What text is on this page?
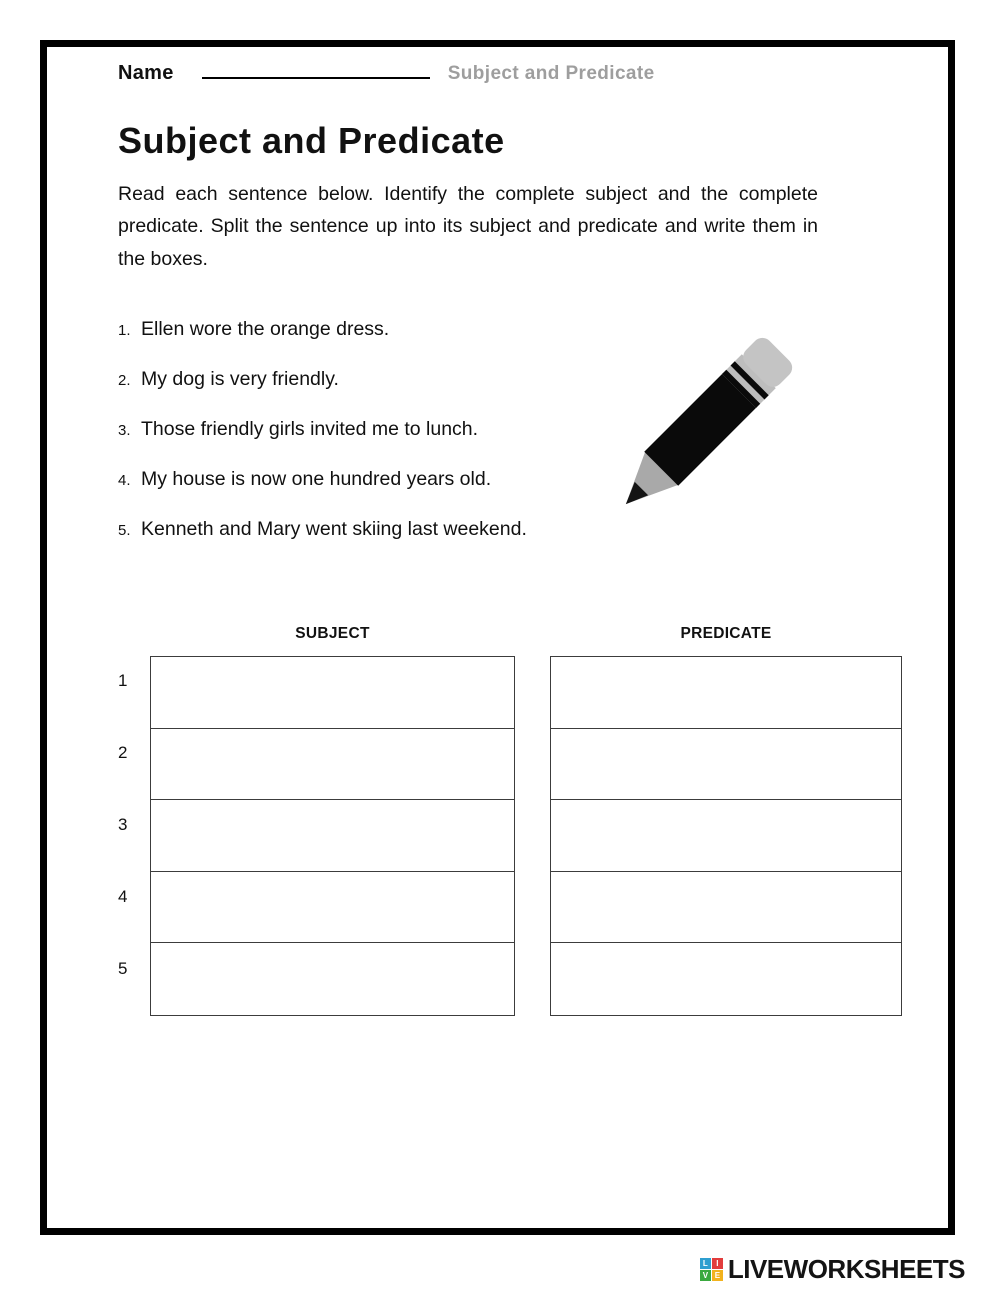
Name	Subject and Predicate
Subject and Predicate

Read each sentence below. Identify the complete subject and the complete predicate. Split the sentence up into its subject and predicate and write them in the boxes.

1. Ellen wore the orange dress.
2. My dog is very friendly.
3. Those friendly girls invited me to lunch.
4. My house is now one hundred years old.
5. Kenneth and Mary went skiing last weekend.
SUBJECT	PREDICATE
1
2
3
4
5
L	I
V E LIVEWORKSHEETS
